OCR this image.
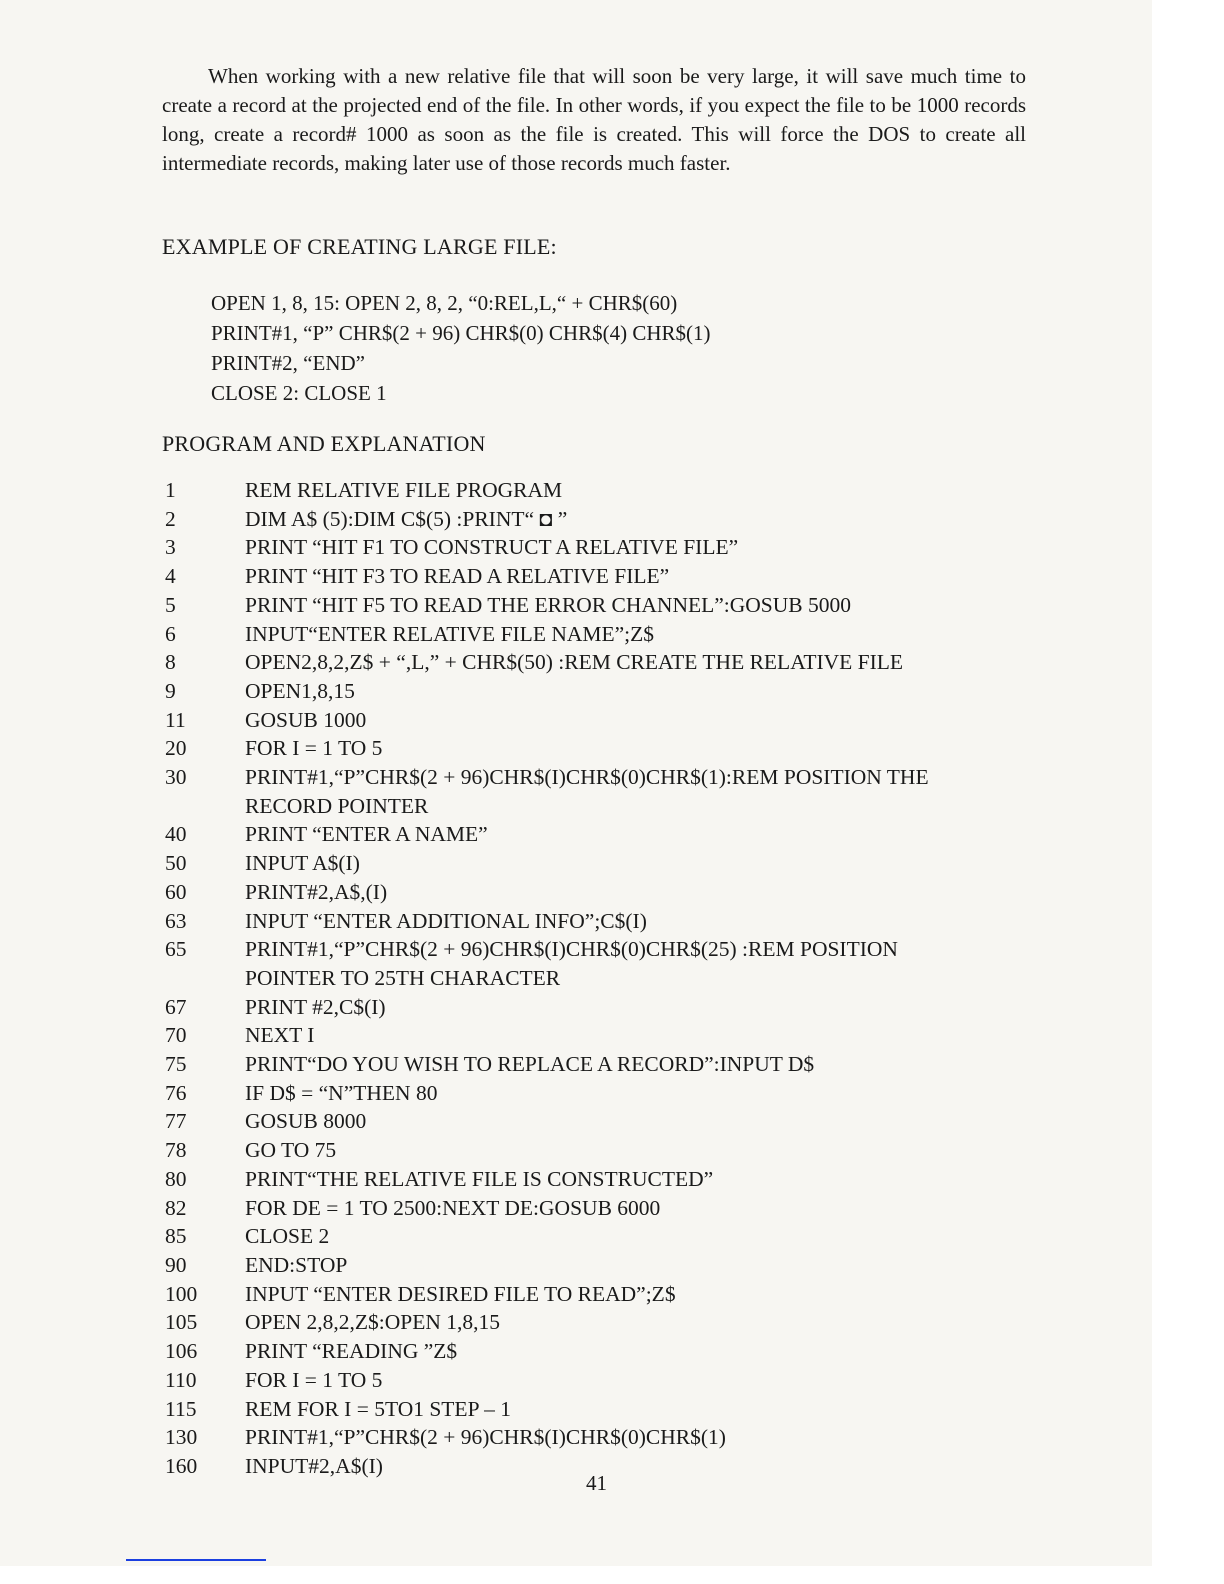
When working with a new relative file that will soon be very large, it will save much time to create a record at the projected end of the file. In other words, if you expect the file to be 1000 records long, create a record# 1000 as soon as the file is created. This will force the DOS to create all intermediate records, making later use of those records much faster.

EXAMPLE OF CREATING LARGE FILE:
OPEN 1, 8, 15: OPEN 2, 8, 2, “0:REL,L,“ + CHR$(60)
PRINT#1, “P” CHR$(2 + 96) CHR$(0) CHR$(4) CHR$(1)
PRINT#2, “END”
CLOSE 2: CLOSE 1
PROGRAM AND EXPLANATION
1	REM RELATIVE FILE PROGRAM
2	DIM A$ (5):DIM C$(5) :PRINT“ ◘ ”
3	PRINT “HIT F1 TO CONSTRUCT A RELATIVE FILE”
4	PRINT “HIT F3 TO READ A RELATIVE FILE”
5	PRINT “HIT F5 TO READ THE ERROR CHANNEL”:GOSUB 5000
6	INPUT“ENTER RELATIVE FILE NAME”;Z$
8	OPEN2,8,2,Z$ + “,L,” + CHR$(50) :REM CREATE THE RELATIVE FILE
9	OPEN1,8,15
11	GOSUB 1000
20	FOR I = 1 TO 5
30	PRINT#1,“P”CHR$(2 + 96)CHR$(I)CHR$(0)CHR$(1):REM POSITION THE
RECORD POINTER
40	PRINT “ENTER A NAME”
50	INPUT A$(I)
60	PRINT#2,A$,(I)
63	INPUT “ENTER ADDITIONAL INFO”;C$(I)
65	PRINT#1,“P”CHR$(2 + 96)CHR$(I)CHR$(0)CHR$(25) :REM POSITION
POINTER TO 25TH CHARACTER
67	PRINT #2,C$(I)
70	NEXT I
75	PRINT“DO YOU WISH TO REPLACE A RECORD”:INPUT D$
76	IF D$ = “N”THEN 80
77	GOSUB 8000
78	GO TO 75
80	PRINT“THE RELATIVE FILE IS CONSTRUCTED”
82	FOR DE = 1 TO 2500:NEXT DE:GOSUB 6000
85	CLOSE 2
90	END:STOP
100	INPUT “ENTER DESIRED FILE TO READ”;Z$
105	OPEN 2,8,2,Z$:OPEN 1,8,15
106	PRINT “READING ”Z$
110	FOR I = 1 TO 5
115	REM FOR I = 5TO1 STEP – 1
130	PRINT#1,“P”CHR$(2 + 96)CHR$(I)CHR$(0)CHR$(1)
160	INPUT#2,A$(I)
41
